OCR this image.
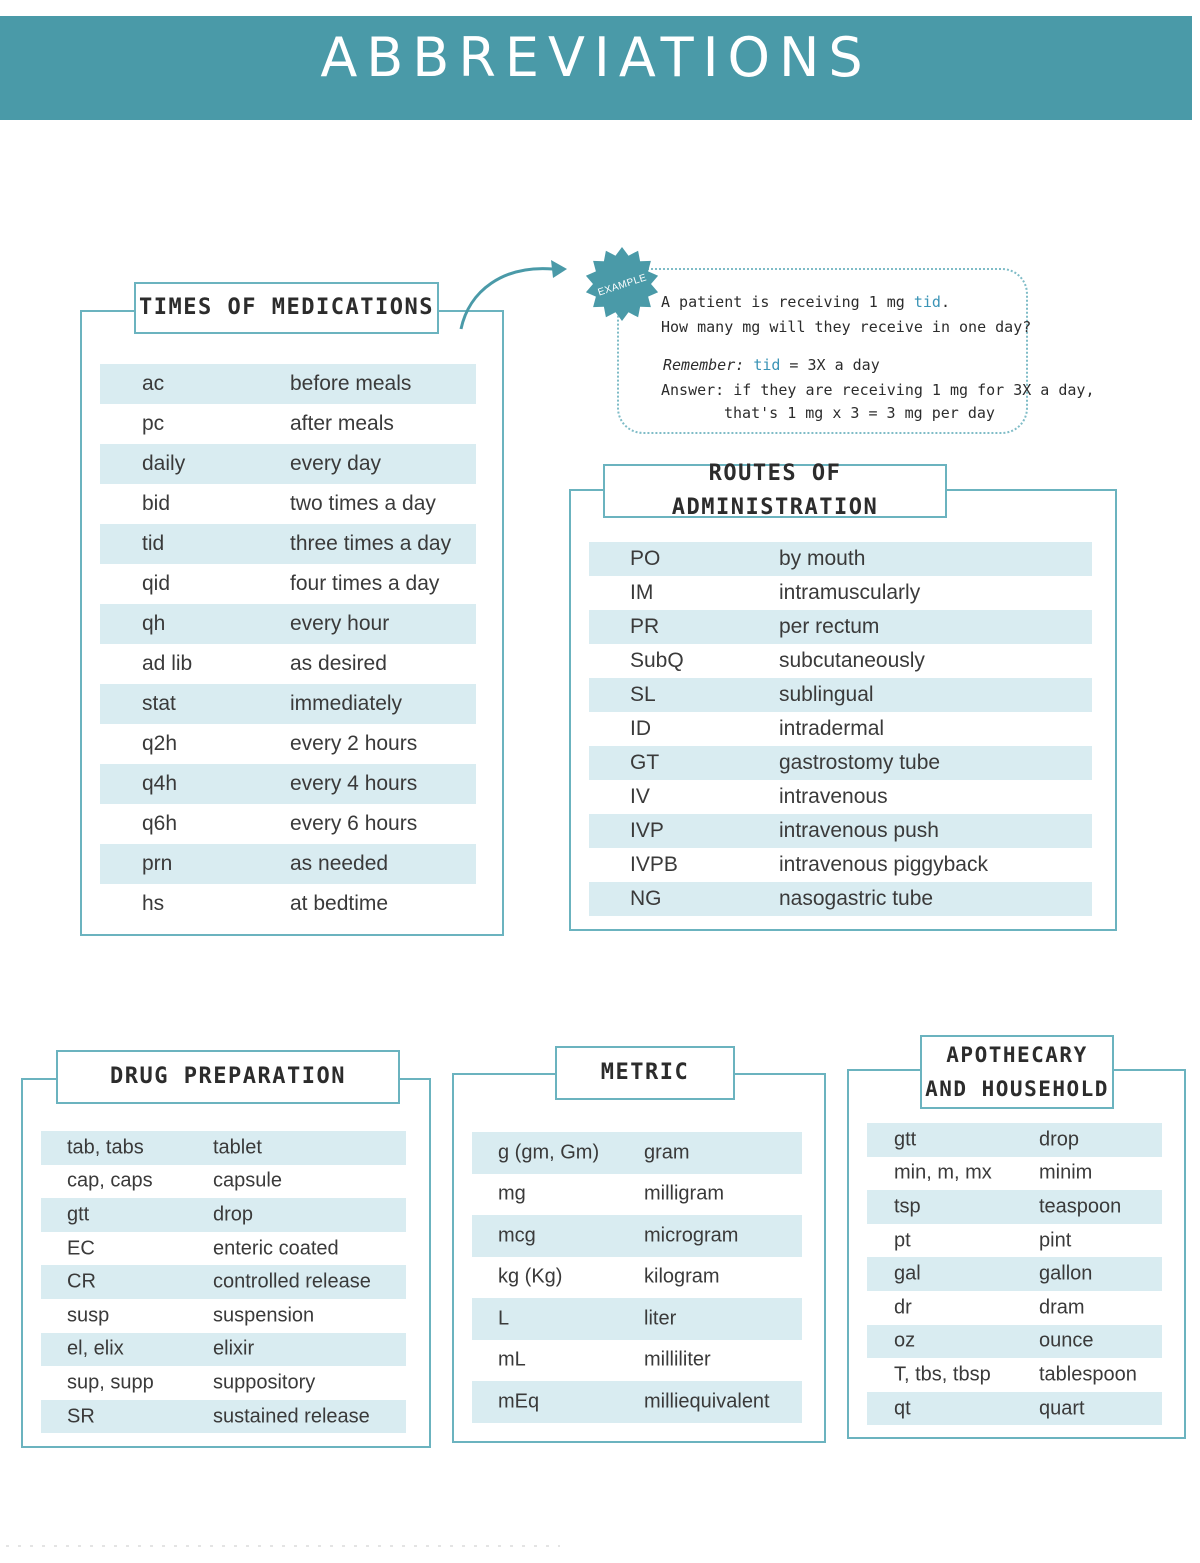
ABBREVIATIONS
TIMES OF MEDICATIONS
ac	before meals
pc	after meals
daily	every day
bid	two times a day
tid	three times a day
qid	four times a day
qh	every hour
ad lib	as desired
stat	immediately
q2h	every 2 hours
q4h	every 4 hours
q6h	every 6 hours
prn	as needed
hs	at bedtime
EXAMPLE
A patient is receiving 1 mg tid.
How many mg will they receive in one day?
Remember: tid = 3X a day
Answer: if they are receiving 1 mg for 3X a day,
that's 1 mg x 3 = 3 mg per day
ROUTES OF ADMINISTRATION
PO	by mouth
IM	intramuscularly
PR	per rectum
SubQ	subcutaneously
SL	sublingual
ID	intradermal
GT	gastrostomy tube
IV	intravenous
IVP	intravenous push
IVPB	intravenous piggyback
NG	nasogastric tube
DRUG PREPARATION
tab, tabs	tablet
cap, caps	capsule
gtt	drop
EC	enteric coated
CR	controlled release
susp	suspension
el, elix	elixir
sup, supp	suppository
SR	sustained release
METRIC
g (gm, Gm) gram
mg	milligram
mcg	microgram
kg (Kg)	kilogram
L	liter
mL	milliliter
mEq	milliequivalent
APOTHECARY
AND HOUSEHOLD
gtt	drop
min, m, mx minim
tsp	teaspoon
pt	pint
gal	gallon
dr	dram
oz	ounce
T, tbs, tbsp tablespoon
qt	quart
